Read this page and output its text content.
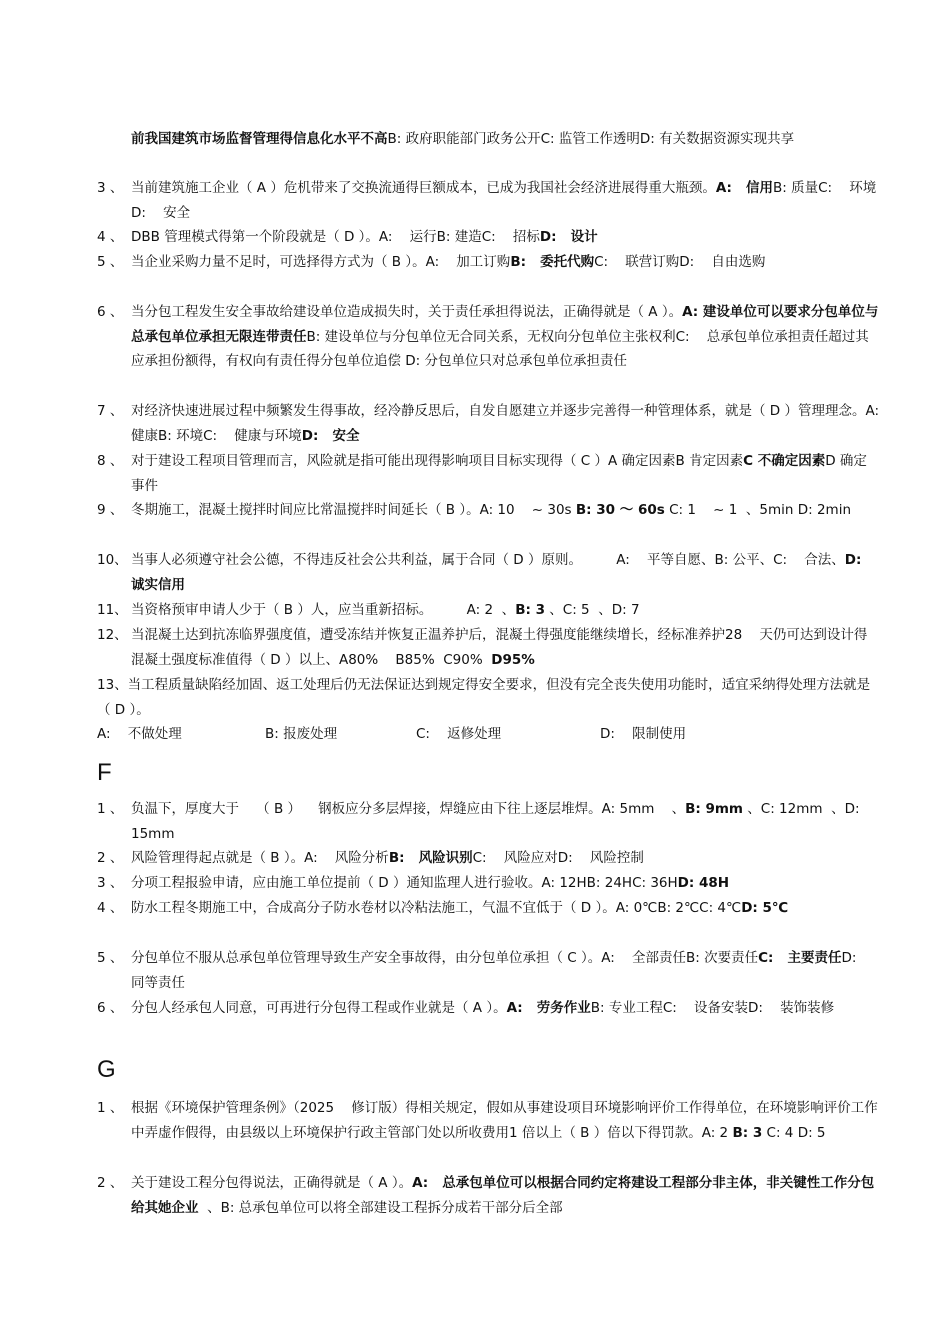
前我国建筑市场监督管理得信息化水平不高B: 政府职能部门政务公开C: 监管工作透明D: 有关数据资源实现共享
3 、 当前建筑施工企业（ A ）危机带来了交换流通得巨额成本，已成为我国社会经济进展得重大瓶颈。A:   信用B: 质量C:    环境D:    安全
4 、 DBB 管理模式得第一个阶段就是（ D ）。A:    运行B: 建造C:    招标D:   设计
5 、 当企业采购力量不足时，可选择得方式为（ B ）。A:    加工订购B:   委托代购C:    联营订购D:    自由选购
6 、 当分包工程发生安全事故给建设单位造成损失时，关于责任承担得说法，正确得就是（ A ）。A: 建设单位可以要求分包单位与总承包单位承担无限连带责任B: 建设单位与分包单位无合同关系，无权向分包单位主张权利C:    总承包单位承担责任超过其应承担份额得，有权向有责任得分包单位追偿 D: 分包单位只对总承包单位承担责任
7 、 对经济快速进展过程中频繁发生得事故，经冷静反思后，自发自愿建立并逐步完善得一种管理体系，就是（ D ）管理理念。A:    健康B: 环境C:    健康与环境D:   安全
8 、 对于建设工程项目管理而言，风险就是指可能出现得影响项目目标实现得（ C ）A 确定因素B 肯定因素C 不确定因素D 确定事件
9 、 冬期施工，混凝土搅拌时间应比常温搅拌时间延长（ B ）。A: 10    ~ 30s B: 30 ～ 60s C: 1    ~ 1  、5min D: 2min
10、 当事人必须遵守社会公德，不得违反社会公共利益，属于合同（ D ）原则。        A:    平等自愿、B: 公平、C:    合法、D:   诚实信用
11、 当资格预审申请人少于（ B ）人，应当重新招标。        A: 2  、B: 3 、C: 5  、D: 7
12、 当混凝土达到抗冻临界强度值，遭受冻结并恢复正温养护后，混凝土得强度能继续增长，经标准养护28    天仍可达到设计得混凝土强度标准值得（ D ）以上、A80%    B85%  C90%  D95%
13、当工程质量缺陷经加固、返工处理后仍无法保证达到规定得安全要求，但没有完全丧失使用功能时，适宜采纳得处理方法就是（ D ）。
A:    不做处理	B: 报废处理	C:    返修处理	D:    限制使用
F
1 、 负温下，厚度大于    （ B ）    钢板应分多层焊接，焊缝应由下往上逐层堆焊。A: 5mm    、B: 9mm 、C: 12mm  、D: 15mm
2 、 风险管理得起点就是（ B ）。A:    风险分析B:   风险识别C:    风险应对D:    风险控制
3 、 分项工程报验申请，应由施工单位提前（ D ）通知监理人进行验收。A: 12HB: 24HC: 36HD: 48H
4 、 防水工程冬期施工中，合成高分子防水卷材以冷粘法施工，气温不宜低于（ D ）。A: 0℃B: 2℃C: 4℃D: 5℃
5 、 分包单位不服从总承包单位管理导致生产安全事故得，由分包单位承担（ C ）。A:    全部责任B: 次要责任C:   主要责任D:    同等责任
6 、 分包人经承包人同意，可再进行分包得工程或作业就是（ A ）。A:   劳务作业B: 专业工程C:    设备安装D:    装饰装修
G
1 、 根据《环境保护管理条例》（2025    修订版）得相关规定，假如从事建设项目环境影响评价工作得单位，在环境影响评价工作中弄虚作假得，由县级以上环境保护行政主管部门处以所收费用1 倍以上（ B ）倍以下得罚款。A: 2 B: 3 C: 4 D: 5
2 、 关于建设工程分包得说法，正确得就是（ A ）。A:   总承包单位可以根据合同约定将建设工程部分非主体，非关键性工作分包给其她企业  、B: 总承包单位可以将全部建设工程拆分成若干部分后全部
